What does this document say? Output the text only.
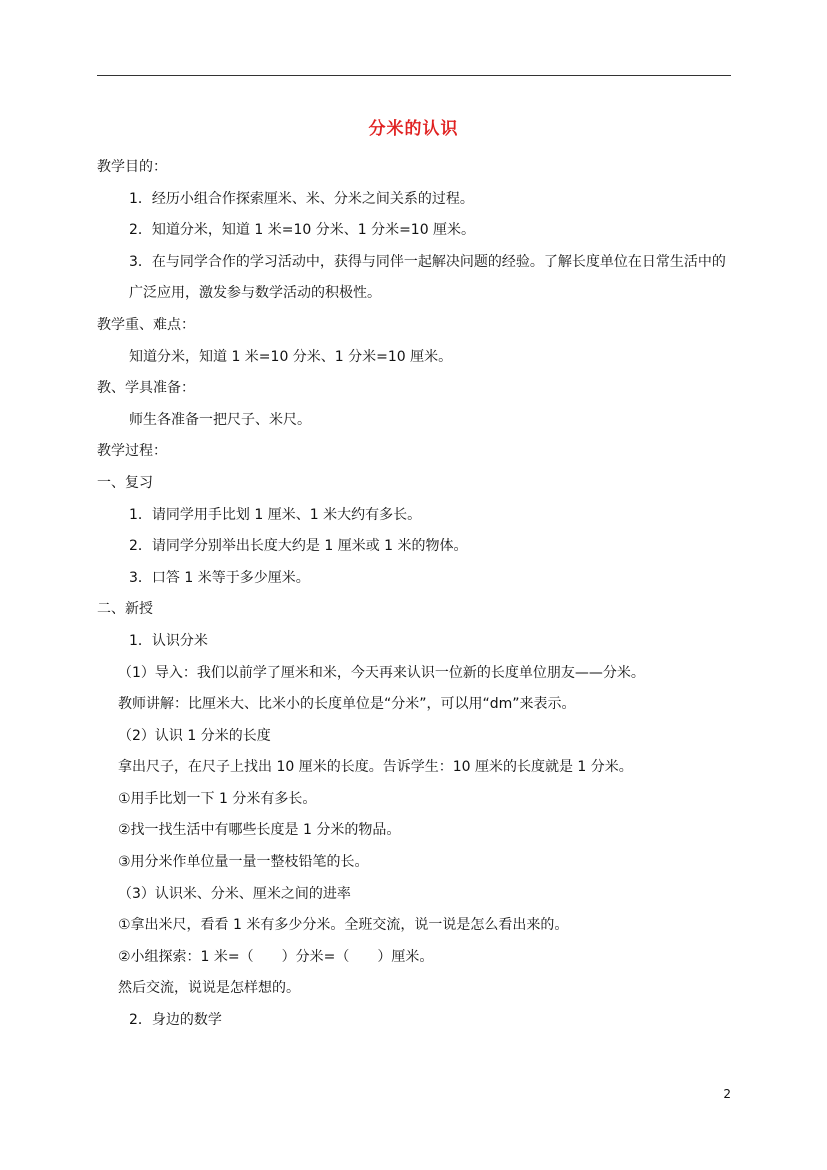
分米的认识
教学目的：
1．经历小组合作探索厘米、米、分米之间关系的过程。
2．知道分米，知道 1 米=10 分米、1 分米=10 厘米。
3．在与同学合作的学习活动中，获得与同伴一起解决问题的经验。了解长度单位在日常生活中的广泛应用，激发参与数学活动的积极性。
教学重、难点：
知道分米，知道 1 米=10 分米、1 分米=10 厘米。
教、学具准备：
师生各准备一把尺子、米尺。
教学过程：
一、复习
1．请同学用手比划 1 厘米、1 米大约有多长。
2．请同学分别举出长度大约是 1 厘米或 1 米的物体。
3．口答 1 米等于多少厘米。
二、新授
1．认识分米
（1）导入：我们以前学了厘米和米，今天再来认识一位新的长度单位朋友——分米。
教师讲解：比厘米大、比米小的长度单位是“分米”，可以用“dm”来表示。
（2）认识 1 分米的长度
拿出尺子，在尺子上找出 10 厘米的长度。告诉学生：10 厘米的长度就是 1 分米。
①用手比划一下 1 分米有多长。
②找一找生活中有哪些长度是 1 分米的物品。
③用分米作单位量一量一整枝铅笔的长。
（3）认识米、分米、厘米之间的进率
①拿出米尺，看看 1 米有多少分米。全班交流，说一说是怎么看出来的。
②小组探索：1 米=（　　）分米=（　　）厘米。
然后交流，说说是怎样想的。
2．身边的数学
2
